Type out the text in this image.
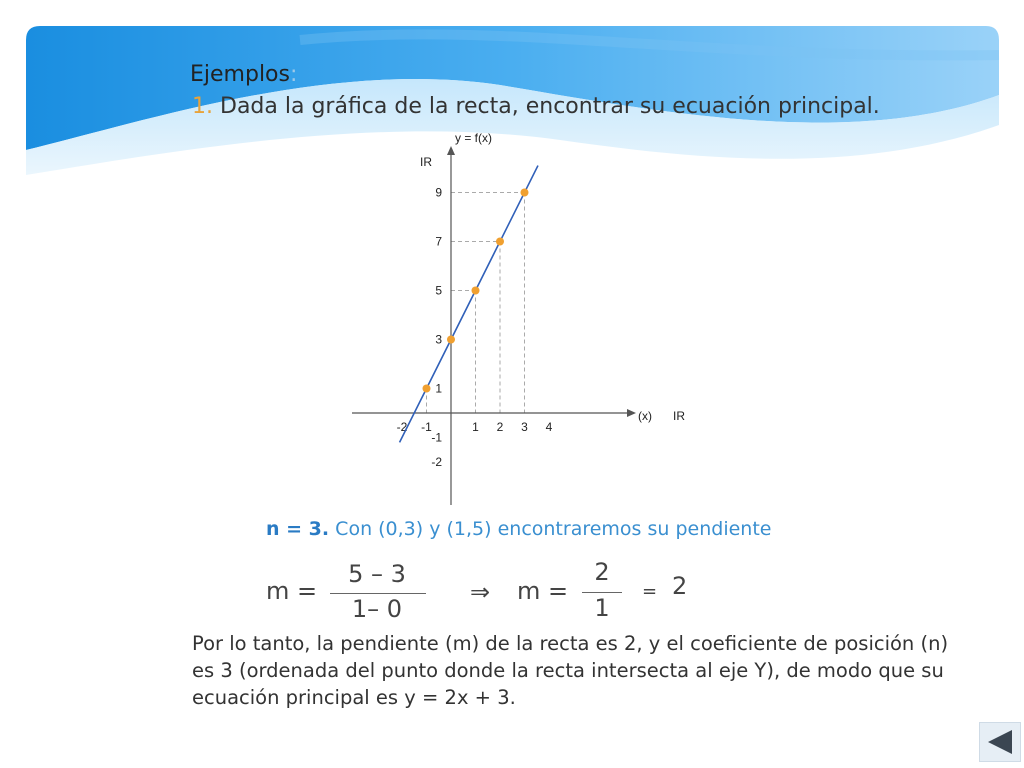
Ejemplos:
1. Dada la gráfica de la recta, encontrar su ecuación principal.
y = f(x)
IR
(x) IR
-2 -1	1 2 3 4
9
7
5
3
1
-1
-2
n = 3. Con (0,3) y (1,5) encontraremos su pendiente
m =
5 – 3
1– 0
⇒ m =
2
1
= 2
Por lo tanto, la pendiente (m) de la recta es 2, y el coeficiente de posición (n) es 3 (ordenada del punto donde la recta intersecta al eje Y), de modo que su ecuación principal es y = 2x + 3.
